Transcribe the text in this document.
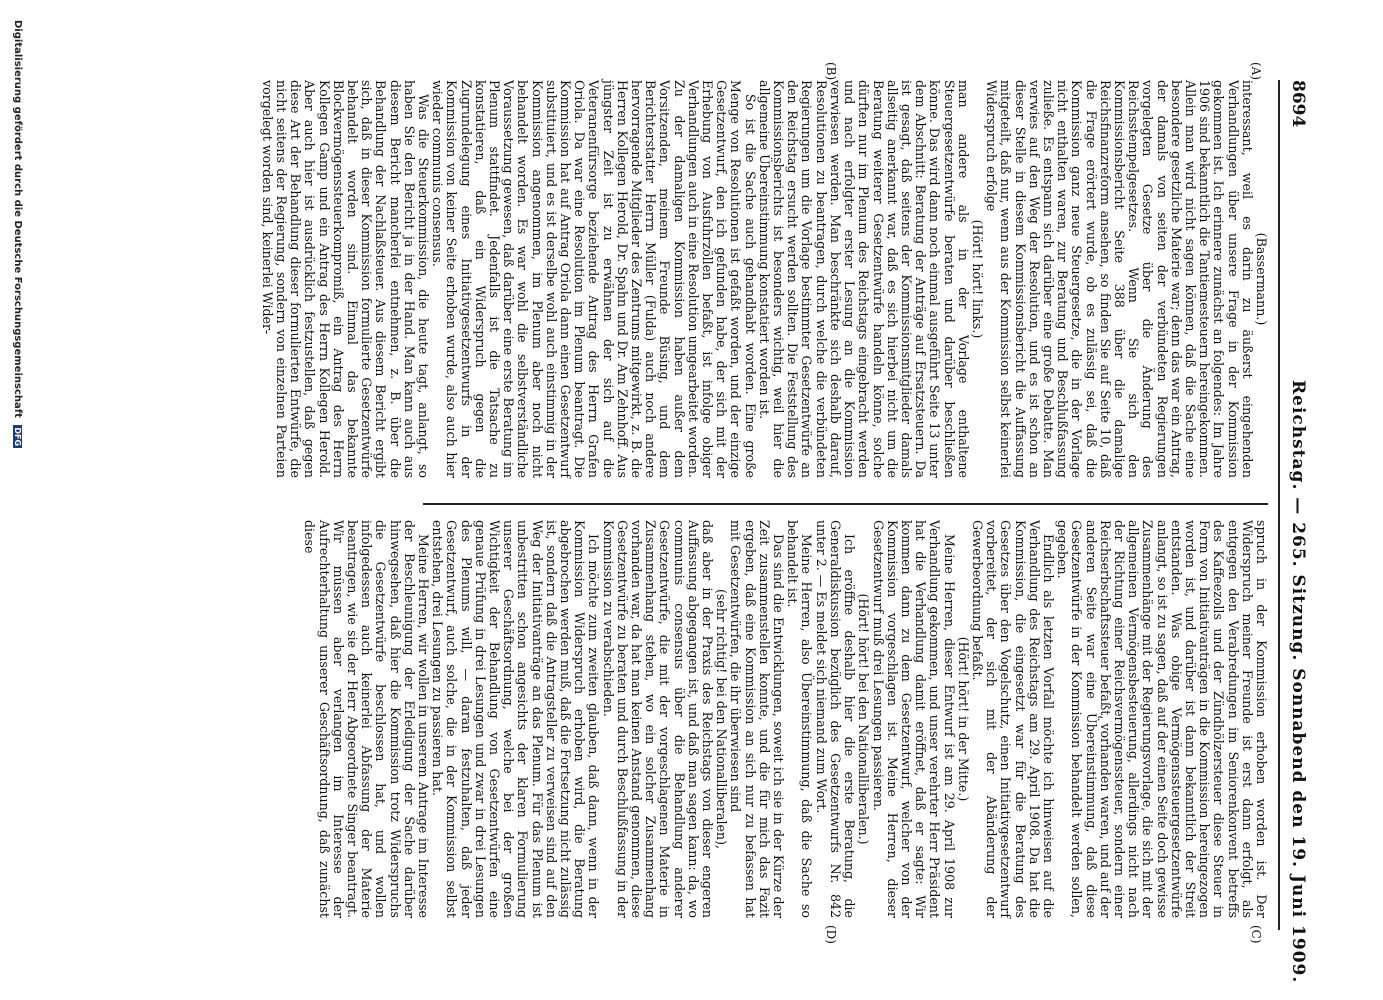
8694
Reichstag. — 265. Sitzung. Sonnabend den 19. Juni 1909.
(A)
(B)
(C)
(D)

(Bassermann.)

interessant, weil es darin zu äußerst eingehenden Verhandlungen über unsere Frage in der Kommission gekommen ist. Ich erinnere zunächst an folgendes: Im Jahre 1906 sind bekanntlich die Tantiemesteuern hereingekommen. Allein man wird nicht sagen können, daß die Sache eine besondere gesetzliche Materie war; denn das war ein Antrag, der damals von seiten der verbündeten Regierungen vorgelegten Gesetze über die Änderung des Reichsstempelgesetzes. Wenn Sie sich den Kommissionsbericht Seite 388 über die damalige Reichsfinanzreform ansehen, so finden Sie auf Seite 10, daß die Frage erörtert wurde, ob es zulässig sei, daß die Kommission ganz neue Steuergesetze, die in der Vorlage nicht enthalten waren, zur Beratung und Beschlußfassung zuließe. Es entspann sich darüber eine große Debatte. Man verwies auf den Weg der Resolution, und es ist schon an dieser Stelle in diesem Kommissionsbericht die Auffassung mitgeteilt, daß nur, wenn aus der Kommission selbst keinerlei Widerspruch erfolge

(Hört! hört! links.)

man andere als in der Vorlage enthaltene Steuergesetzentwürfe beraten und darüber beschließen könne. Das wird dann noch einmal ausgeführt Seite 13 unter dem Abschnitt: Beratung der Anträge auf Ersatzsteuern. Da ist gesagt, daß seitens der Kommissionsmitglieder damals allseitig anerkannt war, daß es sich hierbei nicht um die Beratung weiterer Gesetzentwürfe handeln könne, solche dürften nur im Plenum des Reichstags eingebracht werden und nach erfolgter erster Lesung an die Kommission verwiesen werden. Man beschränkte sich deshalb darauf, Resolutionen zu beantragen, durch welche die verbündeten Regierungen um die Vorlage bestimmter Gesetzentwürfe an den Reichstag ersucht werden sollten. Die Feststellung des Kommissionsberichts ist besonders wichtig, weil hier die allgemeine Übereinstimmung konstatiert worden ist.

So ist die Sache auch gehandhabt worden. Eine große Menge von Resolutionen ist gefaßt worden, und der einzige Gesetzentwurf, den ich gefunden habe, der sich mit der Erhebung von Ausfuhrzöllen befaßt, ist infolge obiger Verhandlungen auch in eine Resolution umgearbeitet worden. Zu der damaligen Kommission haben außer dem Vorsitzenden, meinem Freunde Büsing, und dem Berichterstatter Herrn Müller (Fulda) auch noch andere hervorragende Mitglieder des Zentrums mitgewirkt, z. B. die Herren Kollegen Herold, Dr. Spahn und Dr. Am Zehnhoff. Aus jüngster Zeit ist zu erwähnen der sich auf die Veteranenfürsorge beziehende Antrag des Herrn Grafen Oriola. Da war eine Resolution im Plenum beantragt. Die Kommission hat auf Antrag Oriola dann einen Gesetzentwurf substituiert, und es ist derselbe wohl auch einstimmig in der Kommission angenommen, im Plenum aber noch nicht behandelt worden. Es war wohl die selbstverständliche Voraussetzung gewesen, daß darüber eine erste Beratung im Plenum stattfindet. Jedenfalls ist die Tatsache zu konstatieren, daß ein Widerspruch gegen die Zugrundelegung eines Initiativgesetzentwurfs in der Kommission von keiner Seite erhoben wurde, also auch hier wieder communis consensus.

Was die Steuerkommission, die heute tagt, anlangt, so haben Sie den Bericht ja in der Hand. Man kann auch aus diesem Bericht mancherlei entnehmen, z. B. über die Behandlung der Nachlaßsteuer. Aus diesem Bericht ergibt sich, daß in dieser Kommission formulierte Gesetzentwürfe behandelt worden sind. Einmal das bekannte Blockvermögenssteuerkompromiß, ein Antrag des Herrn Kollegen Gamp und ein Antrag des Herrn Kollegen Herold. Aber auch hier ist ausdrücklich festzustellen, daß gegen diese Art der Behandlung dieser formulierten Entwürfe, die nicht seitens der Regierung, sondern von einzelnen Parteien vorgelegt worden sind, keinerlei Wider-

spruch in der Kommission erhoben worden ist. Der Widerspruch meiner Freunde ist erst dann erfolgt, als entgegen den Verabredungen im Seniorenkonvent betreffs des Kaffeezolls und der Zündhölzersteuer diese Steuer in Form von Initiativanträgen in die Kommission hereingezogen worden ist, und darüber ist dann bekanntlich der Streit entstanden. Was obige Vermögenssteuergesetzentwürfe anlangt, so ist zu sagen, daß auf der einen Seite doch gewisse Zusammenhänge mit der Regierungsvorlage, die sich mit der allgemeinen Vermögensbesteuerung, allerdings nicht nach der Richtung einer Reichsvermögenssteuer, sondern einer Reichserbschaftssteuer befaßt, vorhanden waren, und auf der anderen Seite war eine Übereinstimmung, daß diese Gesetzentwürfe in der Kommission behandelt werden sollen, gegeben.

Endlich als letzten Vorfall möchte ich hinweisen auf die Verhandlung des Reichstags am 29. April 1908. Da hat die Kommission, die eingesetzt war für die Beratung des Gesetzes über den Vogelschutz, einen Initiativgesetzentwurf vorbereitet, der sich mit der Abänderung der Gewerbeordnung befaßt.

(Hört! hört! in der Mitte.)

Meine Herren, dieser Entwurf ist am 29. April 1908 zur Verhandlung gekommen, und unser verehrter Herr Präsident hat die Verhandlung damit eröffnet, daß er sagte: Wir kommen dann zu dem Gesetzentwurf, welcher von der Kommission vorgeschlagen ist. Meine Herren, dieser Gesetzentwurf muß drei Lesungen passieren.

(Hört! hört! bei den Nationalliberalen.)

Ich eröffne deshalb hier die erste Beratung, die Generaldiskussion bezüglich des Gesetzentwurfs Nr. 842 unter 2. — Es meldet sich niemand zum Wort.

Meine Herren, also Übereinstimmung, daß die Sache so behandelt ist.

Das sind die Entwicklungen, soweit ich sie in der Kürze der Zeit zusammenstellen konnte, und die für mich das Fazit ergeben, daß eine Kommission an sich nur zu befassen hat mit Gesetzentwürfen, die ihr überwiesen sind

(sehr richtig! bei den Nationalliberalen),

daß aber in der Praxis des Reichstags von dieser engeren Auffassung abgegangen ist, und daß man sagen kann: da, wo communis consensus über die Behandlung anderer Gesetzentwürfe, die mit der vorgeschlagenen Materie in Zusammenhang stehen, wo ein solcher Zusammenhang vorhanden war, da hat man keinen Anstand genommen, diese Gesetzentwürfe zu beraten und durch Beschlußfassung in der Kommission zu verabschieden.

Ich möchte zum zweiten glauben, daß dann, wenn in der Kommission Widerspruch erhoben wird, die Beratung abgebrochen werden muß, daß die Fortsetzung nicht zulässig ist, sondern daß die Antragsteller zu verweisen sind auf den Weg der Initiativanträge an das Plenum. Für das Plenum ist unbestritten schon angesichts der klaren Formulierung unserer Geschäftsordnung, welche bei der großen Wichtigkeit der Behandlung von Gesetzentwürfen eine genaue Prüfung in drei Lesungen und zwar in drei Lesungen des Plenums will, — daran festzuhalten, daß jeder Gesetzentwurf, auch solche, die in der Kommission selbst entstehen, drei Lesungen zu passieren hat.

Meine Herren, wir wollen in unserem Antrage im Interesse der Beschleunigung der Erledigung der Sache darüber hinwegsehen, daß hier die Kommission trotz Widerspruchs die Gesetzentwürfe beschlossen hat, und wollen infolgedessen auch keinerlei Abfassung der Materie beantragen, wie sie der Herr Abgeordnete Singer beantragt. Wir müssen aber verlangen im Interesse der Aufrechterhaltung unserer Geschäftsordnung, daß zunächst diese

Digitalisierung gefördert durch die Deutsche Forschungsgemeinschaft DFG
